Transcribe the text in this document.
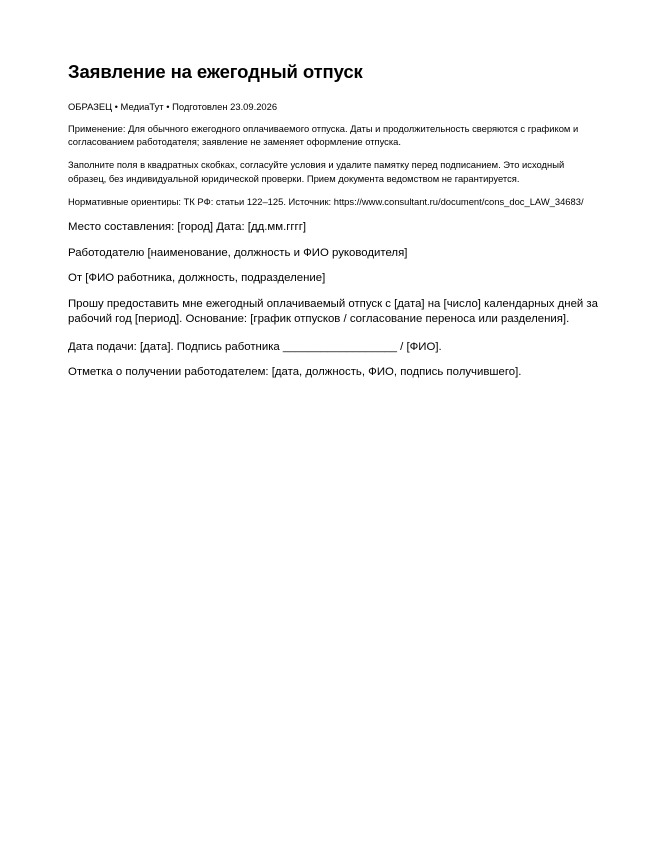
Заявление на ежегодный отпуск
ОБРАЗЕЦ • МедиаТут • Подготовлен 23.09.2026

Применение: Для обычного ежегодного оплачиваемого отпуска. Даты и продолжительность сверяются с графиком и согласованием работодателя; заявление не заменяет оформление отпуска.

Заполните поля в квадратных скобках, согласуйте условия и удалите памятку перед подписанием. Это исходный образец, без индивидуальной юридической проверки. Прием документа ведомством не гарантируется.

Нормативные ориентиры: ТК РФ: статьи 122–125. Источник: https://www.consultant.ru/document/cons_doc_LAW_34683/

Место составления: [город] Дата: [дд.мм.гггг]

Работодателю [наименование, должность и ФИО руководителя]

От [ФИО работника, должность, подразделение]

Прошу предоставить мне ежегодный оплачиваемый отпуск с [дата] на [число] календарных дней за рабочий год [период]. Основание: [график отпусков / согласование переноса или разделения].

Дата подачи: [дата]. Подпись работника __________________ / [ФИО].

Отметка о получении работодателем: [дата, должность, ФИО, подпись получившего].
